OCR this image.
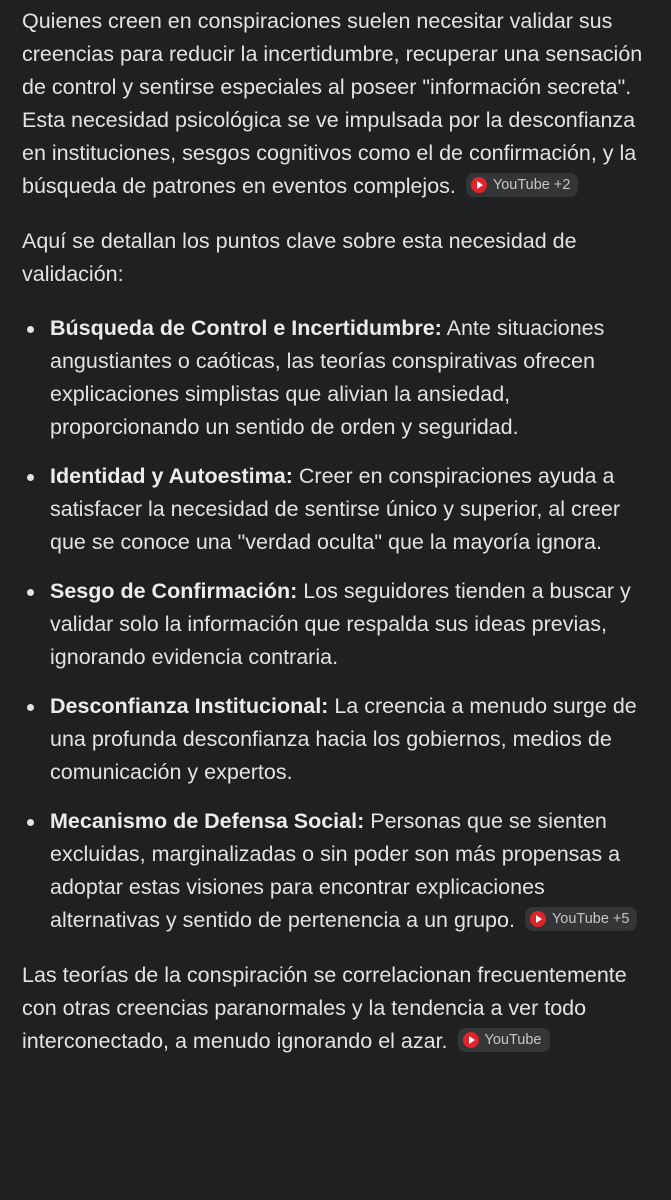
Quienes creen en conspiraciones suelen necesitar validar sus creencias para reducir la incertidumbre, recuperar una sensación de control y sentirse especiales al poseer "información secreta". Esta necesidad psicológica se ve impulsada por la desconfianza en instituciones, sesgos cognitivos como el de confirmación, y la búsqueda de patrones en eventos complejos.	YouTube +2

Aquí se detallan los puntos clave sobre esta necesidad de validación:

Búsqueda de Control e Incertidumbre: Ante situaciones angustiantes o caóticas, las teorías conspirativas ofrecen explicaciones simplistas que alivian la ansiedad, proporcionando un sentido de orden y seguridad.
Identidad y Autoestima: Creer en conspiraciones ayuda a satisfacer la necesidad de sentirse único y superior, al creer que se conoce una "verdad oculta" que la mayoría ignora.
Sesgo de Confirmación: Los seguidores tienden a buscar y validar solo la información que respalda sus ideas previas, ignorando evidencia contraria.
Desconfianza Institucional: La creencia a menudo surge de una profunda desconfianza hacia los gobiernos, medios de comunicación y expertos.
Mecanismo de Defensa Social: Personas que se sienten excluidas, marginalizadas o sin poder son más propensas a adoptar estas visiones para encontrar explicaciones alternativas y sentido de pertenencia a un grupo.	YouTube +5

Las teorías de la conspiración se correlacionan frecuentemente con otras creencias paranormales y la tendencia a ver todo interconectado, a menudo ignorando el azar.	YouTube
